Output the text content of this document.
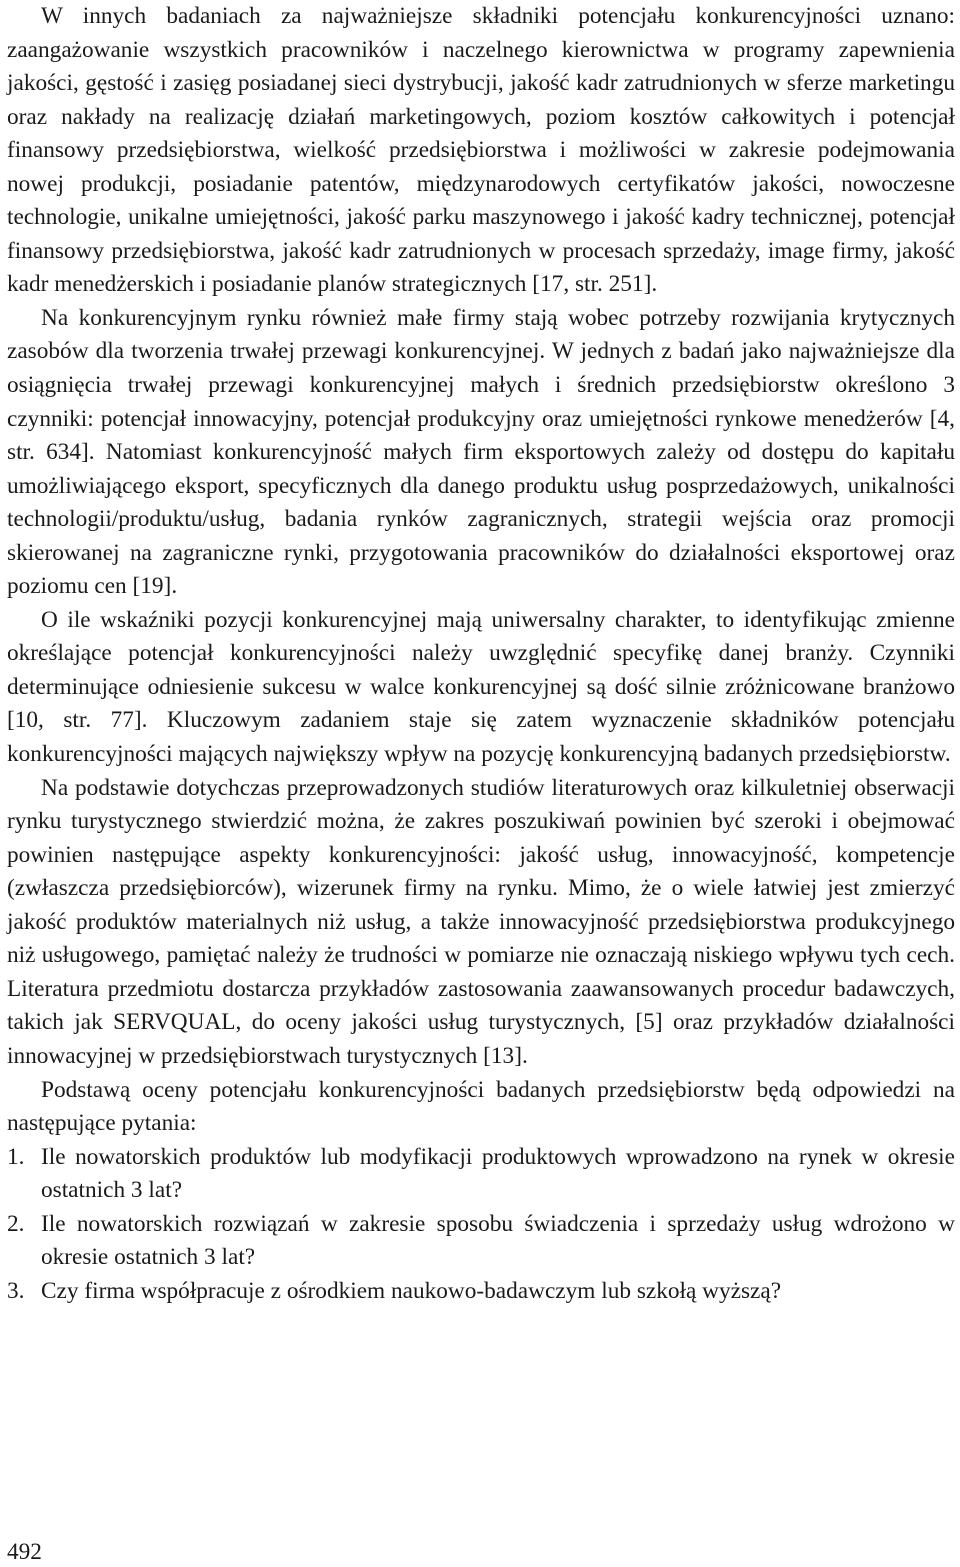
W innych badaniach za najważniejsze składniki potencjału konkurencyjności uznano: zaangażowanie wszystkich pracowników i naczelnego kierownictwa w programy zapewnienia jakości, gęstość i zasięg posiadanej sieci dystrybucji, jakość kadr zatrudnionych w sferze marketingu oraz nakłady na realizację działań marketingowych, poziom kosztów całkowitych i potencjał finansowy przedsiębiorstwa, wielkość przedsiębiorstwa i możliwości w zakresie podejmowania nowej produkcji, posiadanie patentów, międzynarodowych certyfikatów jakości, nowoczesne technologie, unikalne umiejętności, jakość parku maszynowego i jakość kadry technicznej, potencjał finansowy przedsiębiorstwa, jakość kadr zatrudnionych w procesach sprzedaży, image firmy, jakość kadr menedżerskich i posiadanie planów strategicznych [17, str. 251].

Na konkurencyjnym rynku również małe firmy stają wobec potrzeby rozwijania krytycznych zasobów dla tworzenia trwałej przewagi konkurencyjnej. W jednych z badań jako najważniejsze dla osiągnięcia trwałej przewagi konkurencyjnej małych i średnich przedsiębiorstw określono 3 czynniki: potencjał innowacyjny, potencjał produkcyjny oraz umiejętności rynkowe menedżerów [4, str. 634]. Natomiast konkurencyjność małych firm eksportowych zależy od dostępu do kapitału umożliwiającego eksport, specyficznych dla danego produktu usług posprzedażowych, unikalności technologii/produktu/usług, badania rynków zagranicznych, strategii wejścia oraz promocji skierowanej na zagraniczne rynki, przygotowania pracowników do działalności eksportowej oraz poziomu cen [19].

O ile wskaźniki pozycji konkurencyjnej mają uniwersalny charakter, to identyfikując zmienne określające potencjał konkurencyjności należy uwzględnić specyfikę danej branży. Czynniki determinujące odniesienie sukcesu w walce konkurencyjnej są dość silnie zróżnicowane branżowo [10, str. 77]. Kluczowym zadaniem staje się zatem wyznaczenie składników potencjału konkurencyjności mających największy wpływ na pozycję konkurencyjną badanych przedsiębiorstw.

Na podstawie dotychczas przeprowadzonych studiów literaturowych oraz kilkuletniej obserwacji rynku turystycznego stwierdzić można, że zakres poszukiwań powinien być szeroki i obejmować powinien następujące aspekty konkurencyjności: jakość usług, innowacyjność, kompetencje (zwłaszcza przedsiębiorców), wizerunek firmy na rynku. Mimo, że o wiele łatwiej jest zmierzyć jakość produktów materialnych niż usług, a także innowacyjność przedsiębiorstwa produkcyjnego niż usługowego, pamiętać należy że trudności w pomiarze nie oznaczają niskiego wpływu tych cech. Literatura przedmiotu dostarcza przykładów zastosowania zaawansowanych procedur badawczych, takich jak SERVQUAL, do oceny jakości usług turystycznych, [5] oraz przykładów działalności innowacyjnej w przedsiębiorstwach turystycznych [13].

Podstawą oceny potencjału konkurencyjności badanych przedsiębiorstw będą odpowiedzi na następujące pytania:

1. Ile nowatorskich produktów lub modyfikacji produktowych wprowadzono na rynek w okresie ostatnich 3 lat?
2. Ile nowatorskich rozwiązań w zakresie sposobu świadczenia i sprzedaży usług wdrożono w okresie ostatnich 3 lat?
3. Czy firma współpracuje z ośrodkiem naukowo-badawczym lub szkołą wyższą?
492
